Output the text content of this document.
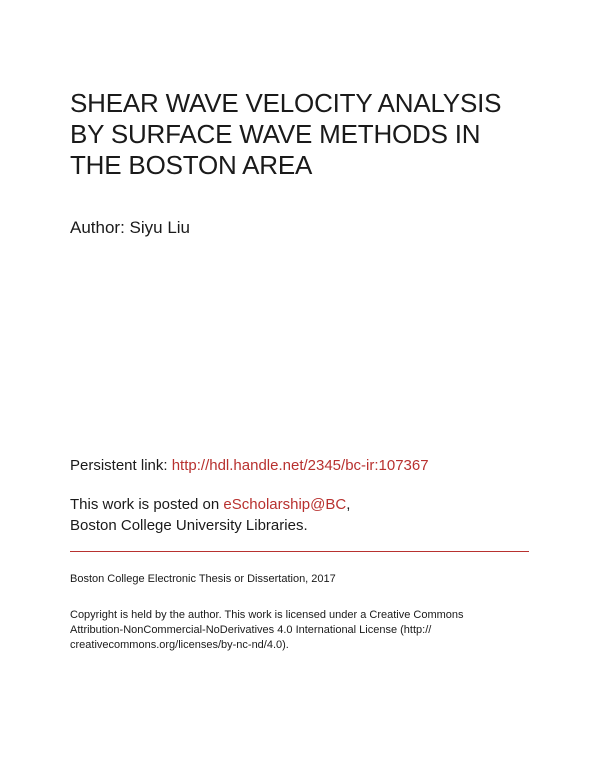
SHEAR WAVE VELOCITY ANALYSIS
BY SURFACE WAVE METHODS IN
THE BOSTON AREA
Author: Siyu Liu
Persistent link: http://hdl.handle.net/2345/bc-ir:107367
This work is posted on eScholarship@BC,
Boston College University Libraries.
Boston College Electronic Thesis or Dissertation, 2017
Copyright is held by the author. This work is licensed under a Creative Commons
Attribution-NonCommercial-NoDerivatives 4.0 International License (http://
creativecommons.org/licenses/by-nc-nd/4.0).
